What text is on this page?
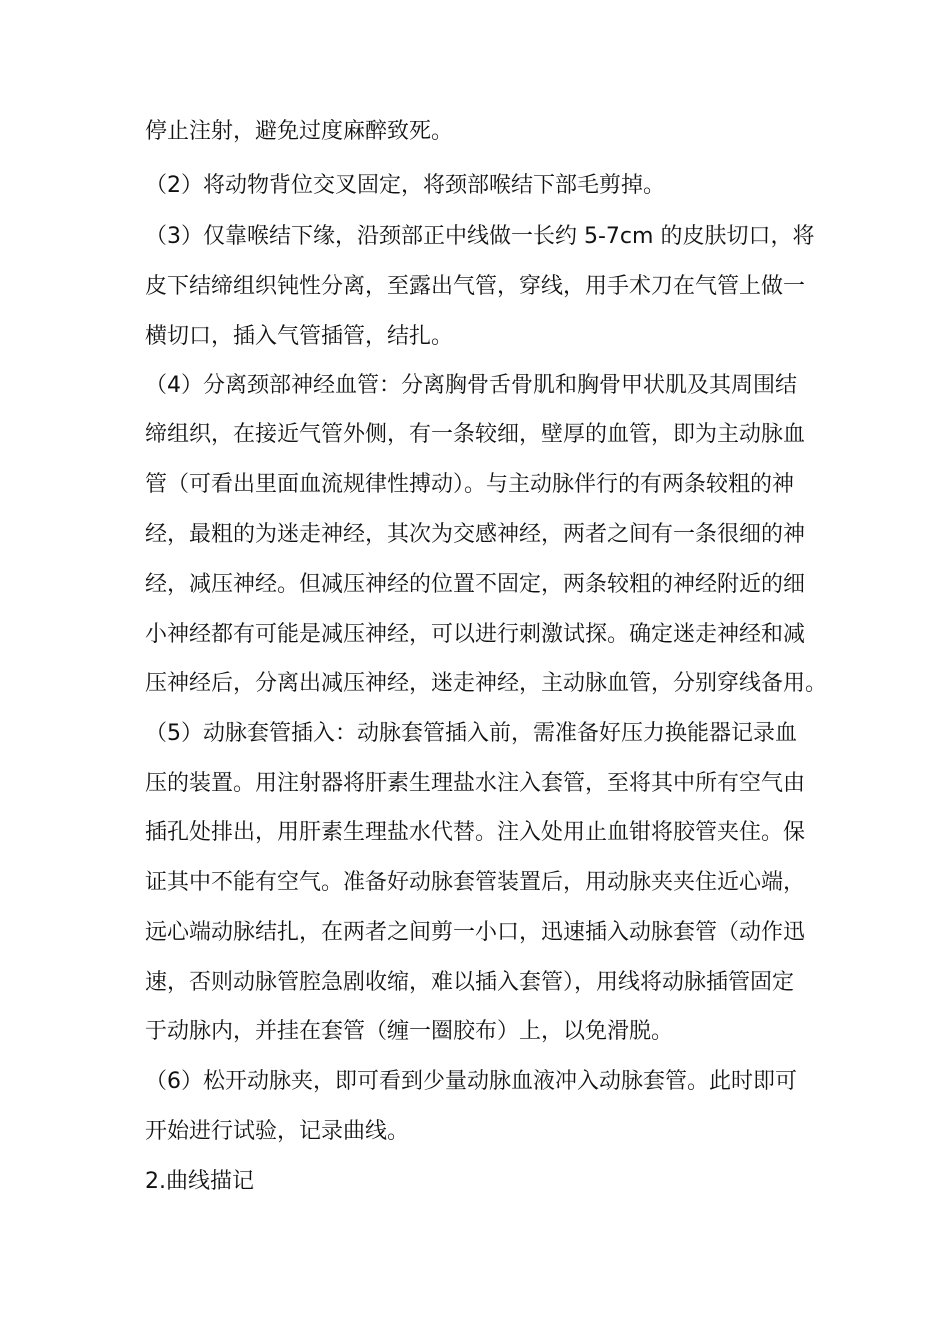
停止注射，避免过度麻醉致死。
（2）将动物背位交叉固定，将颈部喉结下部毛剪掉。
（3）仅靠喉结下缘，沿颈部正中线做一长约 5-7cm 的皮肤切口，将
皮下结缔组织钝性分离，至露出气管，穿线，用手术刀在气管上做一
横切口，插入气管插管，结扎。
（4）分离颈部神经血管：分离胸骨舌骨肌和胸骨甲状肌及其周围结
缔组织，在接近气管外侧，有一条较细，壁厚的血管，即为主动脉血
管（可看出里面血流规律性搏动）。与主动脉伴行的有两条较粗的神
经，最粗的为迷走神经，其次为交感神经，两者之间有一条很细的神
经，减压神经。但减压神经的位置不固定，两条较粗的神经附近的细
小神经都有可能是减压神经，可以进行刺激试探。确定迷走神经和减
压神经后，分离出减压神经，迷走神经，主动脉血管，分别穿线备用。
（5）动脉套管插入：动脉套管插入前，需准备好压力换能器记录血
压的装置。用注射器将肝素生理盐水注入套管，至将其中所有空气由
插孔处排出，用肝素生理盐水代替。注入处用止血钳将胶管夹住。保
证其中不能有空气。准备好动脉套管装置后，用动脉夹夹住近心端，
远心端动脉结扎，在两者之间剪一小口，迅速插入动脉套管（动作迅
速，否则动脉管腔急剧收缩，难以插入套管），用线将动脉插管固定
于动脉内，并挂在套管（缠一圈胶布）上，以免滑脱。
（6）松开动脉夹，即可看到少量动脉血液冲入动脉套管。此时即可
开始进行试验，记录曲线。
2.曲线描记
